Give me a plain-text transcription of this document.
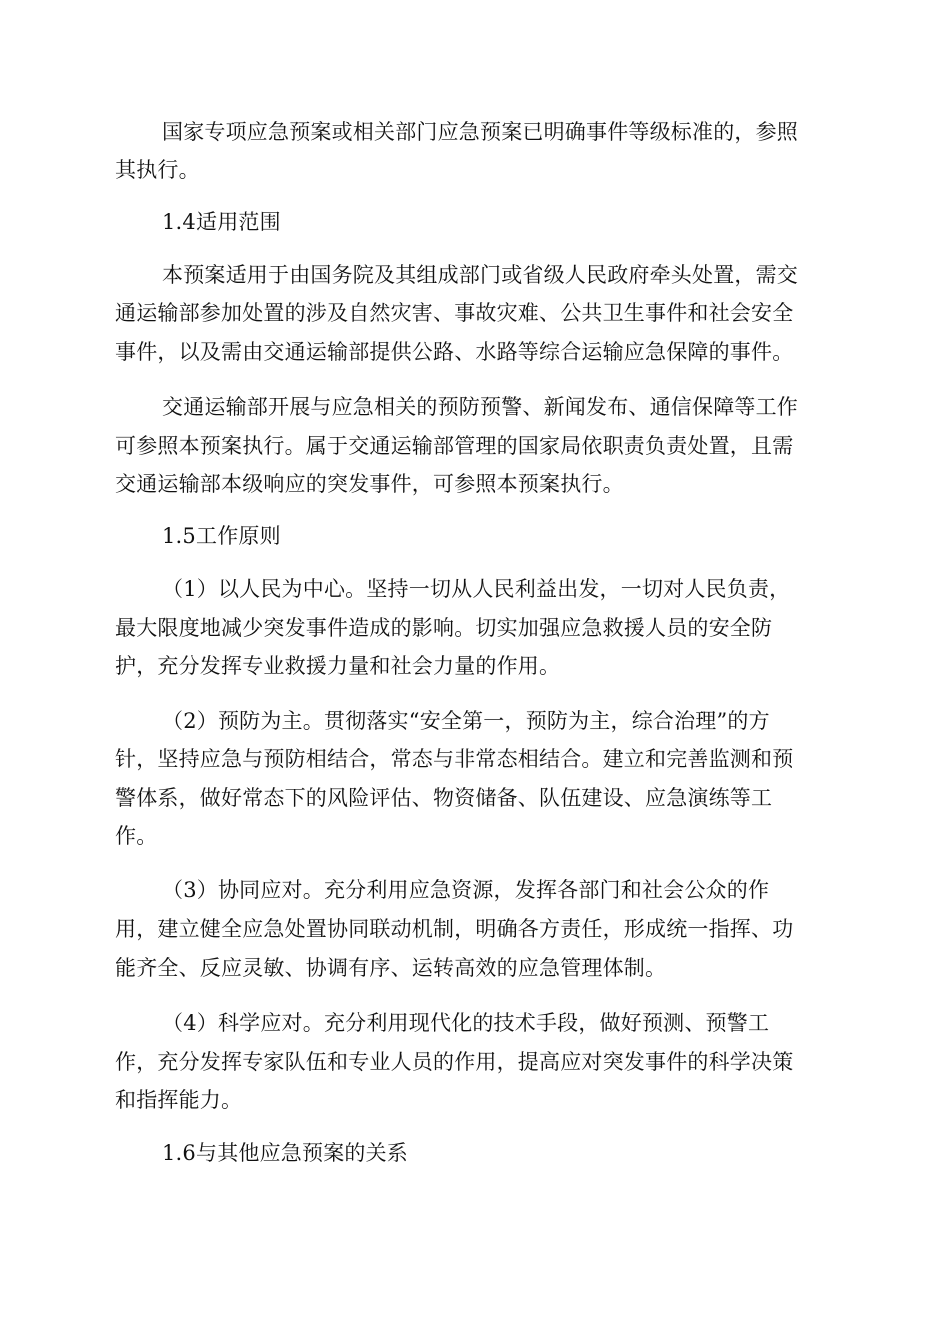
国家专项应急预案或相关部门应急预案已明确事件等级标准的，参照

其执行。

1.4适用范围

本预案适用于由国务院及其组成部门或省级人民政府牵头处置，需交

通运输部参加处置的涉及自然灾害、事故灾难、公共卫生事件和社会安全

事件，以及需由交通运输部提供公路、水路等综合运输应急保障的事件。

交通运输部开展与应急相关的预防预警、新闻发布、通信保障等工作

可参照本预案执行。属于交通运输部管理的国家局依职责负责处置，且需

交通运输部本级响应的突发事件，可参照本预案执行。

1.5工作原则

（1）以人民为中心。坚持一切从人民利益出发，一切对人民负责，

最大限度地减少突发事件造成的影响。切实加强应急救援人员的安全防

护，充分发挥专业救援力量和社会力量的作用。

（2）预防为主。贯彻落实“安全第一，预防为主，综合治理”的方

针，坚持应急与预防相结合，常态与非常态相结合。建立和完善监测和预

警体系，做好常态下的风险评估、物资储备、队伍建设、应急演练等工

作。

（3）协同应对。充分利用应急资源，发挥各部门和社会公众的作

用，建立健全应急处置协同联动机制，明确各方责任，形成统一指挥、功

能齐全、反应灵敏、协调有序、运转高效的应急管理体制。

（4）科学应对。充分利用现代化的技术手段，做好预测、预警工

作，充分发挥专家队伍和专业人员的作用，提高应对突发事件的科学决策

和指挥能力。

1.6与其他应急预案的关系
